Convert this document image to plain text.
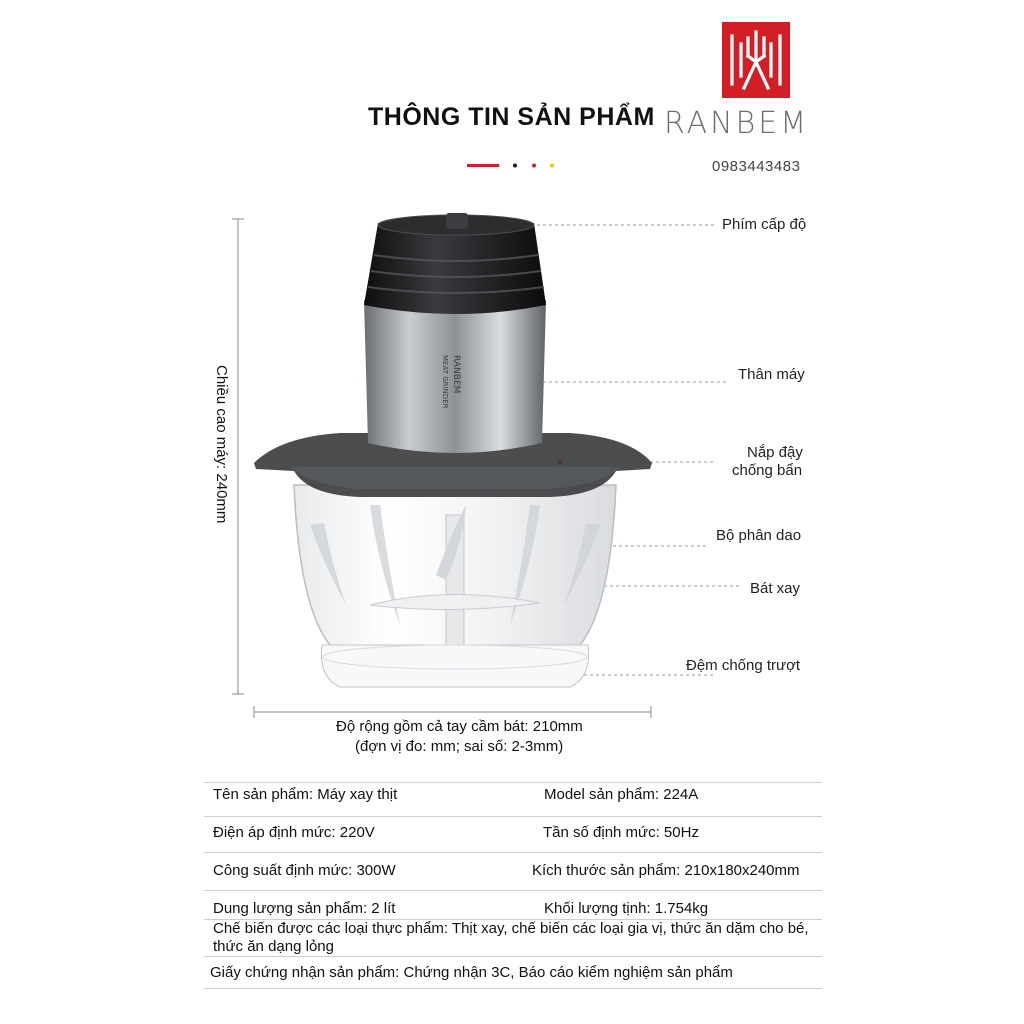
THÔNG TIN SẢN PHẨM RANBEM
0983443483
Chiều cao máy: 240mm
Độ rộng gồm cả tay cầm bát: 210mm
(đợn vị đo: mm; sai số: 2-3mm)
RANBEM
MEAT GRINDER
Phím cấp độ
Thân máy
Nắp đậy
chống bẩn
Bộ phân dao
Bát xay
Đệm chống trượt
Tên sản phẩm: Máy xay thịt	Model sản phẩm: 224A
Điện áp định mức: 220V	Tần số định mức: 50Hz
Công suất định mức: 300W	Kích thước sản phẩm: 210x180x240mm
Dung lượng sản phẩm: 2 lít	Khối lượng tịnh: 1.754kg
Chế biến được các loại thực phẩm: Thịt xay, chế biến các loại gia vị, thức ăn dặm cho bé, thức ăn dạng lỏng
Giấy chứng nhận sản phẩm: Chứng nhận 3C, Báo cáo kiểm nghiệm sản phẩm
